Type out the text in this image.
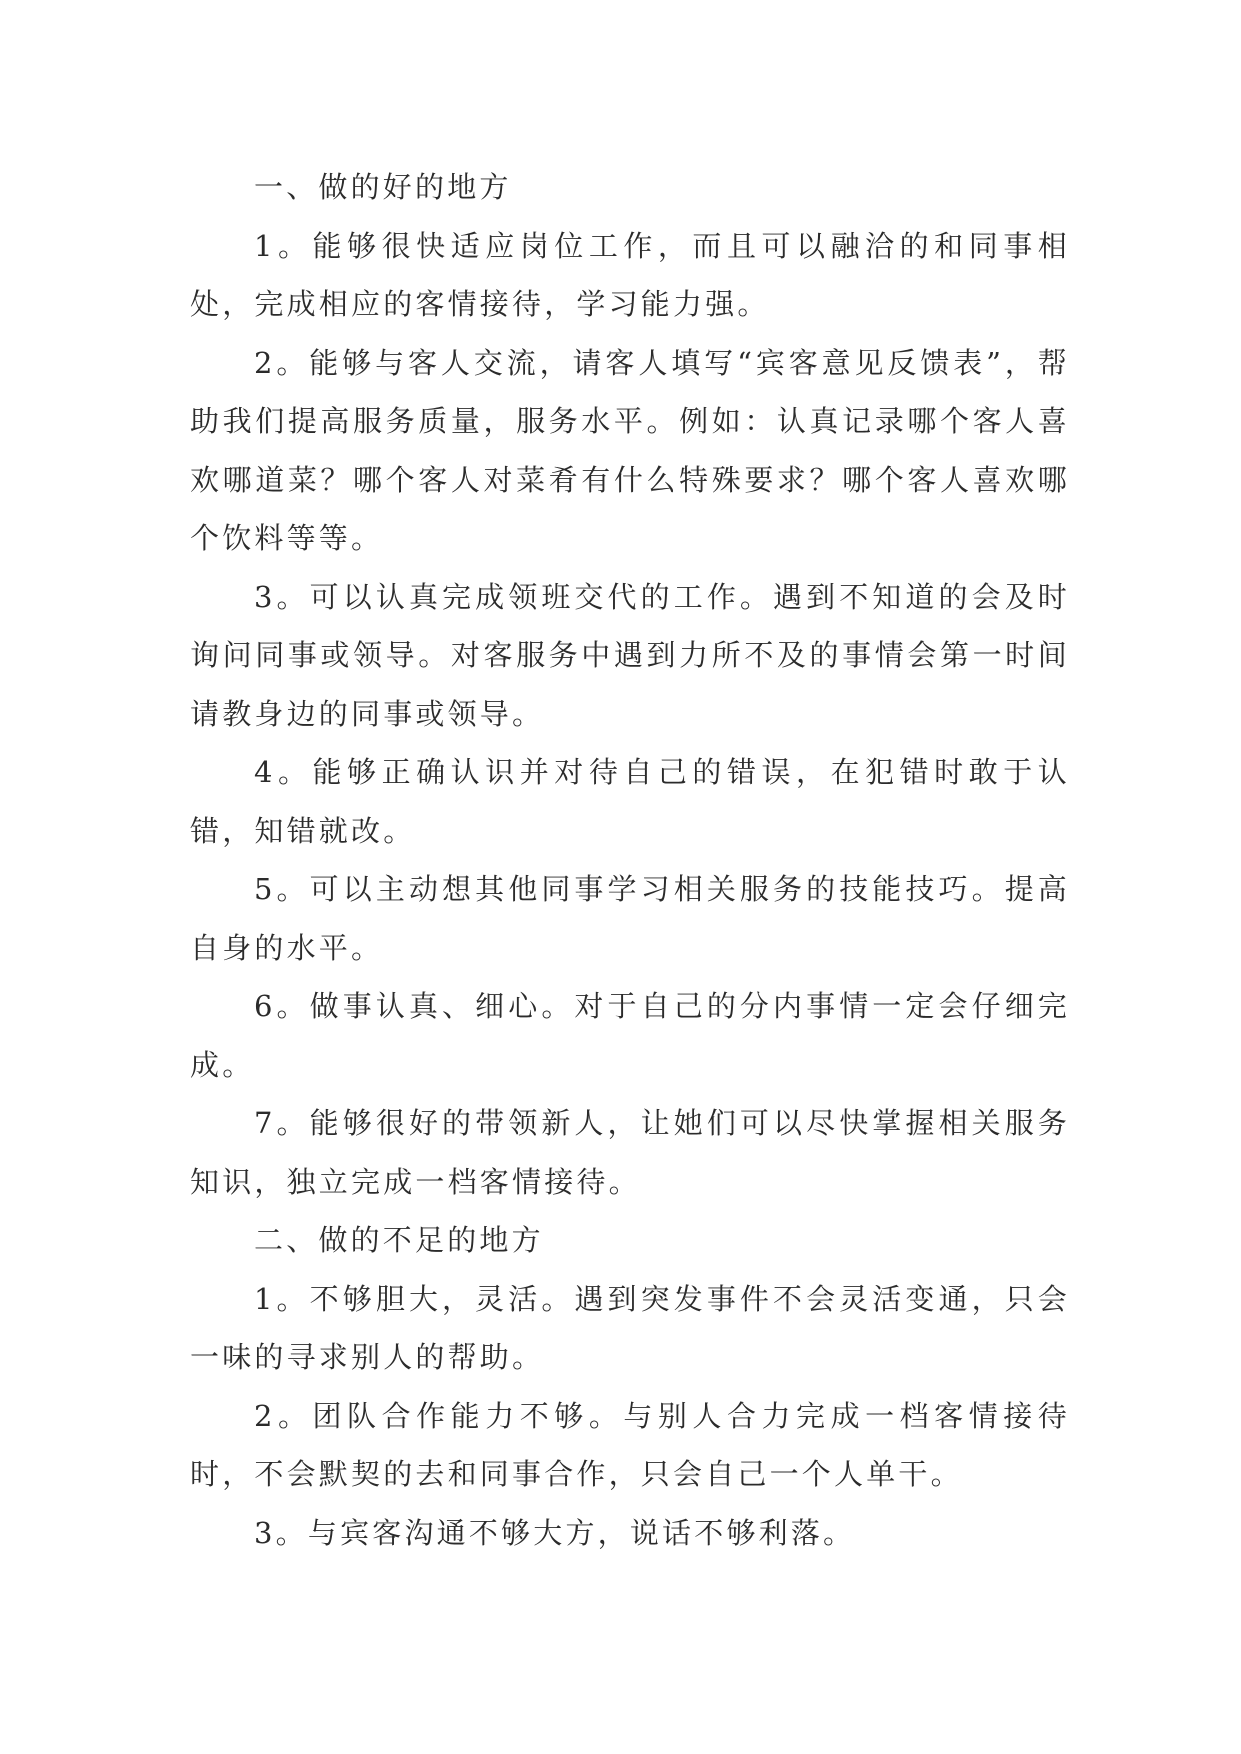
一、做的好的地方

1。能够很快适应岗位工作，而且可以融洽的和同事相处，完成相应的客情接待，学习能力强。

2。能够与客人交流，请客人填写“宾客意见反馈表”，帮助我们提高服务质量，服务水平。例如：认真记录哪个客人喜欢哪道菜？哪个客人对菜肴有什么特殊要求？哪个客人喜欢哪个饮料等等。

3。可以认真完成领班交代的工作。遇到不知道的会及时询问同事或领导。对客服务中遇到力所不及的事情会第一时间请教身边的同事或领导。

4。能够正确认识并对待自己的错误，在犯错时敢于认错，知错就改。

5。可以主动想其他同事学习相关服务的技能技巧。提高自身的水平。

6。做事认真、细心。对于自己的分内事情一定会仔细完成。

7。能够很好的带领新人，让她们可以尽快掌握相关服务知识，独立完成一档客情接待。

二、做的不足的地方

1。不够胆大，灵活。遇到突发事件不会灵活变通，只会一味的寻求别人的帮助。

2。团队合作能力不够。与别人合力完成一档客情接待时，不会默契的去和同事合作，只会自己一个人单干。

3。与宾客沟通不够大方，说话不够利落。
